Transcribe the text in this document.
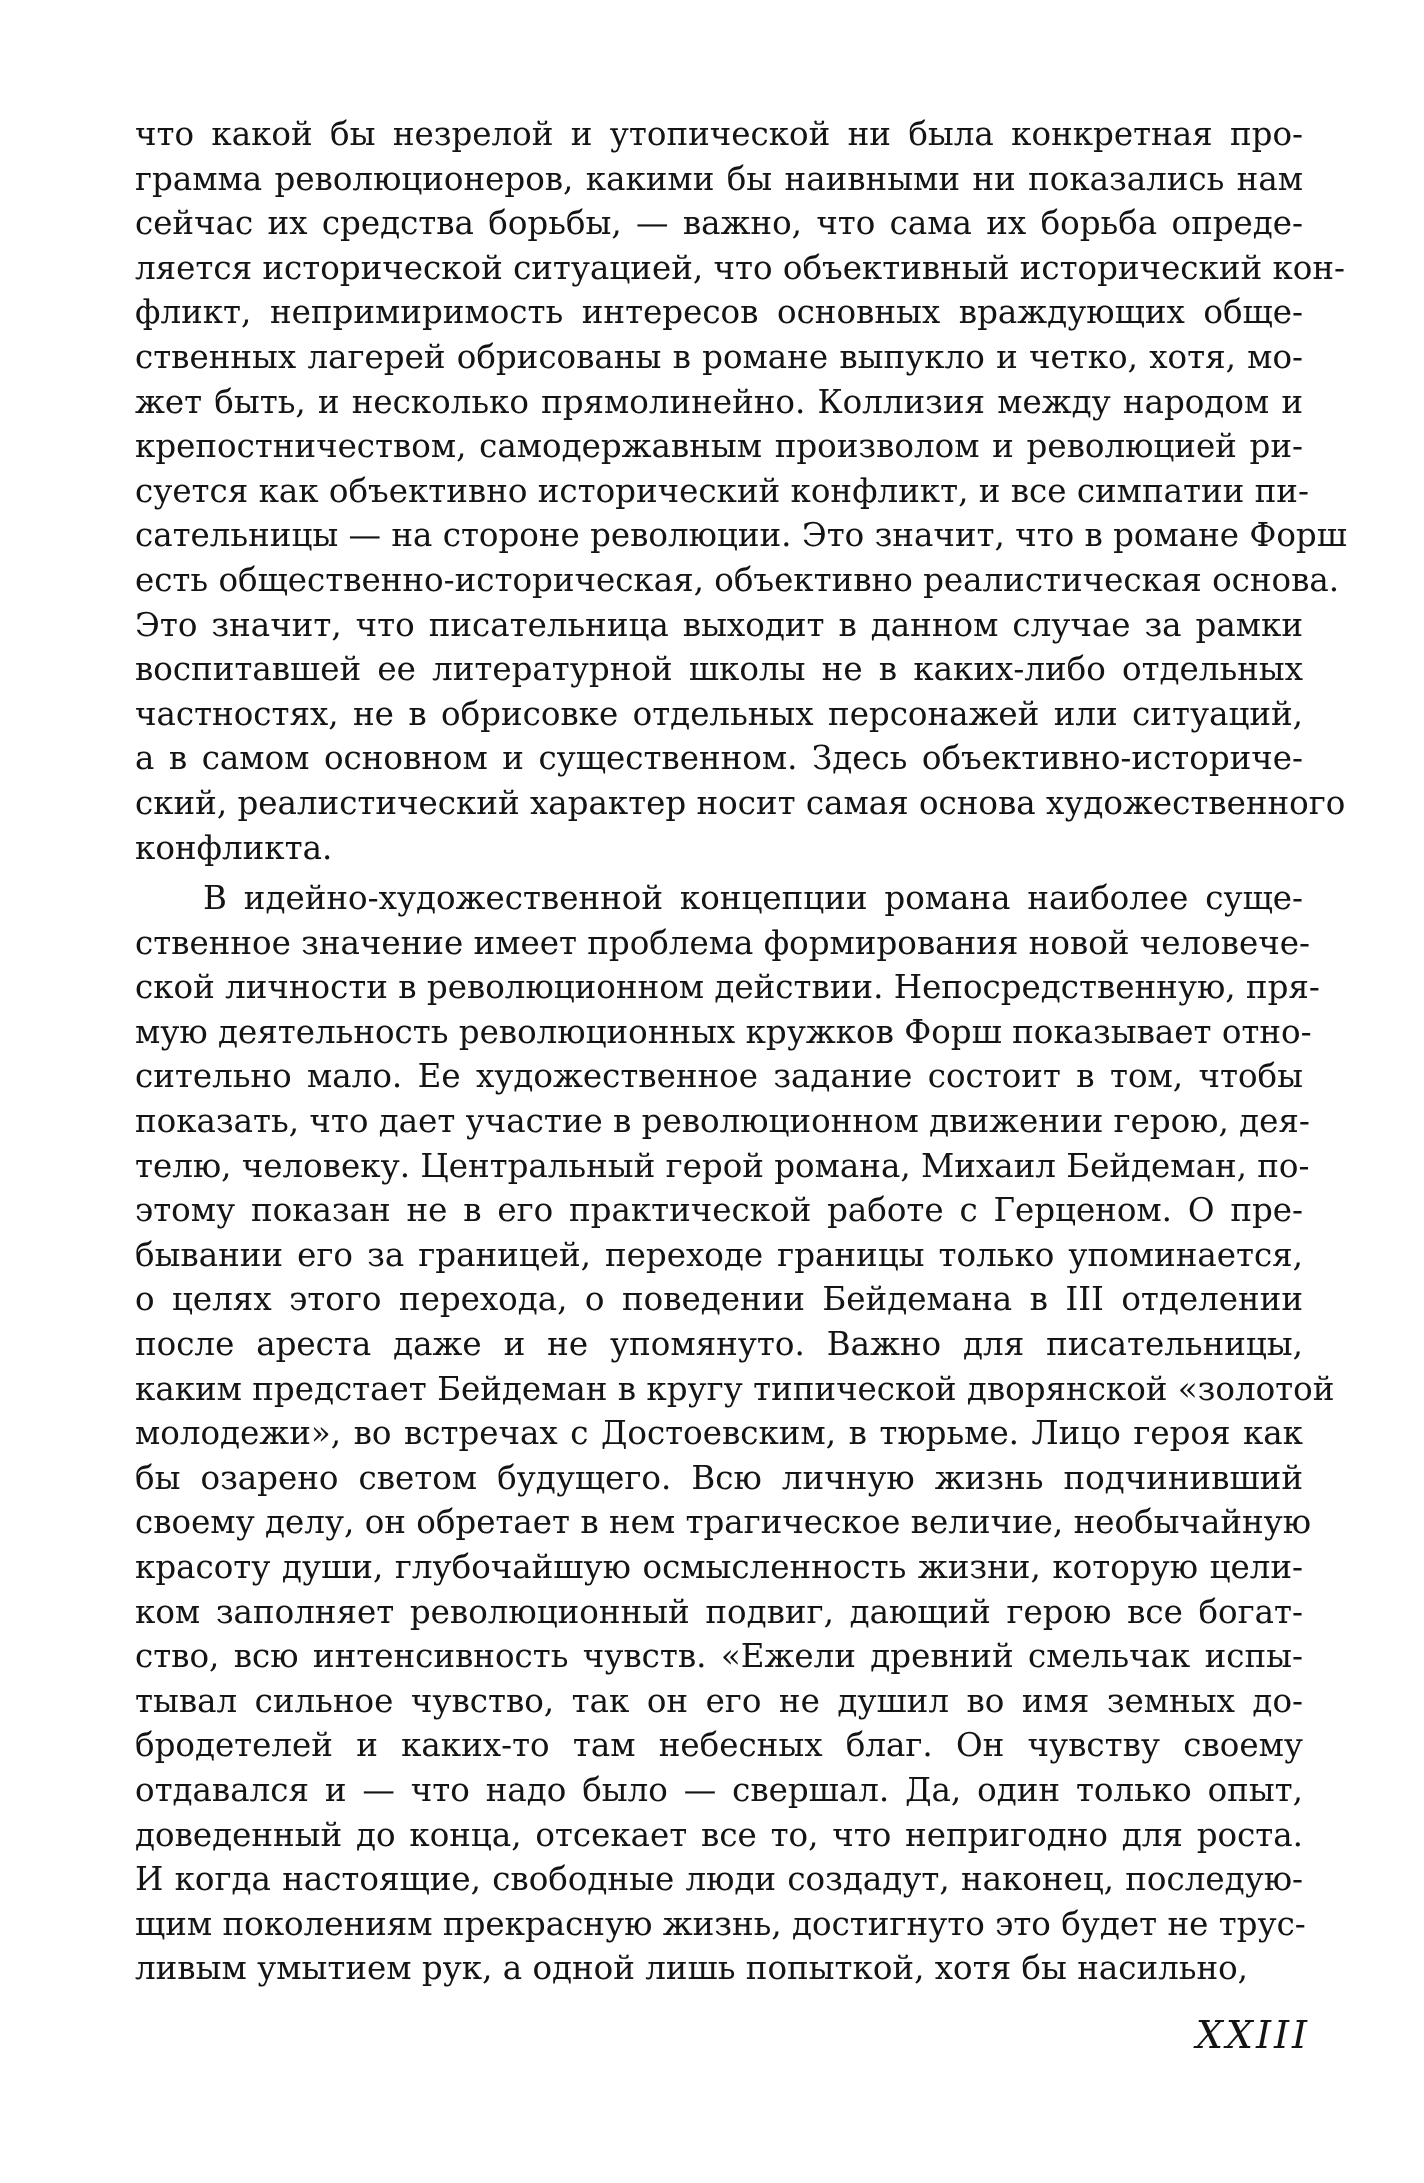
что какой бы незрелой и утопической ни была конкретная про-
грамма революционеров, какими бы наивными ни показались нам
сейчас их средства борьбы, — важно, что сама их борьба опреде-
ляется исторической ситуацией, что объективный исторический кон-
фликт, непримиримость интересов основных враждующих обще-
ственных лагерей обрисованы в романе выпукло и четко, хотя, мо-
жет быть, и несколько прямолинейно. Коллизия между народом и
крепостничеством, самодержавным произволом и революцией ри-
суется как объективно исторический конфликт, и все симпатии пи-
сательницы — на стороне революции. Это значит, что в романе Форш
есть общественно-историческая, объективно реалистическая основа.
Это значит, что писательница выходит в данном случае за рамки
воспитавшей ее литературной школы не в каких-либо отдельных
частностях, не в обрисовке отдельных персонажей или ситуаций,
а в самом основном и существенном. Здесь объективно-историче-
ский, реалистический характер носит самая основа художественного
конфликта.
В идейно-художественной концепции романа наиболее суще-
ственное значение имеет проблема формирования новой человече-
ской личности в революционном действии. Непосредственную, пря-
мую деятельность революционных кружков Форш показывает отно-
сительно мало. Ее художественное задание состоит в том, чтобы
показать, что дает участие в революционном движении герою, дея-
телю, человеку. Центральный герой романа, Михаил Бейдеман, по-
этому показан не в его практической работе с Герценом. О пре-
бывании его за границей, переходе границы только упоминается,
о целях этого перехода, о поведении Бейдемана в III отделении
после ареста даже и не упомянуто. Важно для писательницы,
каким предстает Бейдеман в кругу типической дворянской «золотой
молодежи», во встречах с Достоевским, в тюрьме. Лицо героя как
бы озарено светом будущего. Всю личную жизнь подчинивший
своему делу, он обретает в нем трагическое величие, необычайную
красоту души, глубочайшую осмысленность жизни, которую цели-
ком заполняет революционный подвиг, дающий герою все богат-
ство, всю интенсивность чувств. «Ежели древний смельчак испы-
тывал сильное чувство, так он его не душил во имя земных до-
бродетелей и каких-то там небесных благ. Он чувству своему
отдавался и — что надо было — свершал. Да, один только опыт,
доведенный до конца, отсекает все то, что непригодно для роста.
И когда настоящие, свободные люди создадут, наконец, последую-
щим поколениям прекрасную жизнь, достигнуто это будет не трус-
ливым умытием рук, а одной лишь попыткой, хотя бы насильно,
XXIII
